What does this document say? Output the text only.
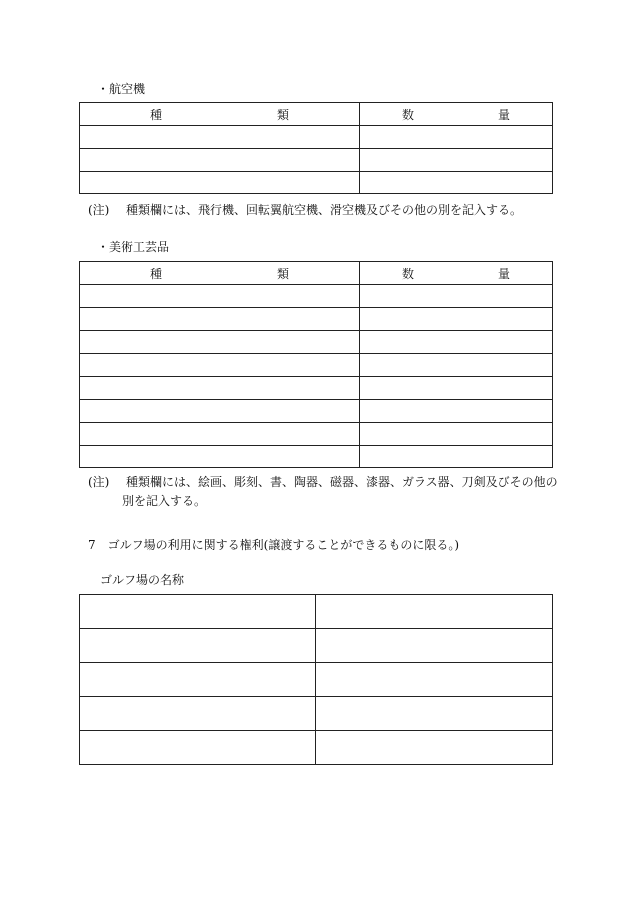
・航空機
種 類	数 量

(注) 種類欄には、飛行機、回転翼航空機、滑空機及びその他の別を記入する。
・美術工芸品
種 類	数 量

(注) 種類欄には、絵画、彫刻、書、陶器、磁器、漆器、ガラス器、刀剣及びその他の
別を記入する。
7　ゴルフ場の利用に関する権利(譲渡することができるものに限る。)
ゴルフ場の名称
